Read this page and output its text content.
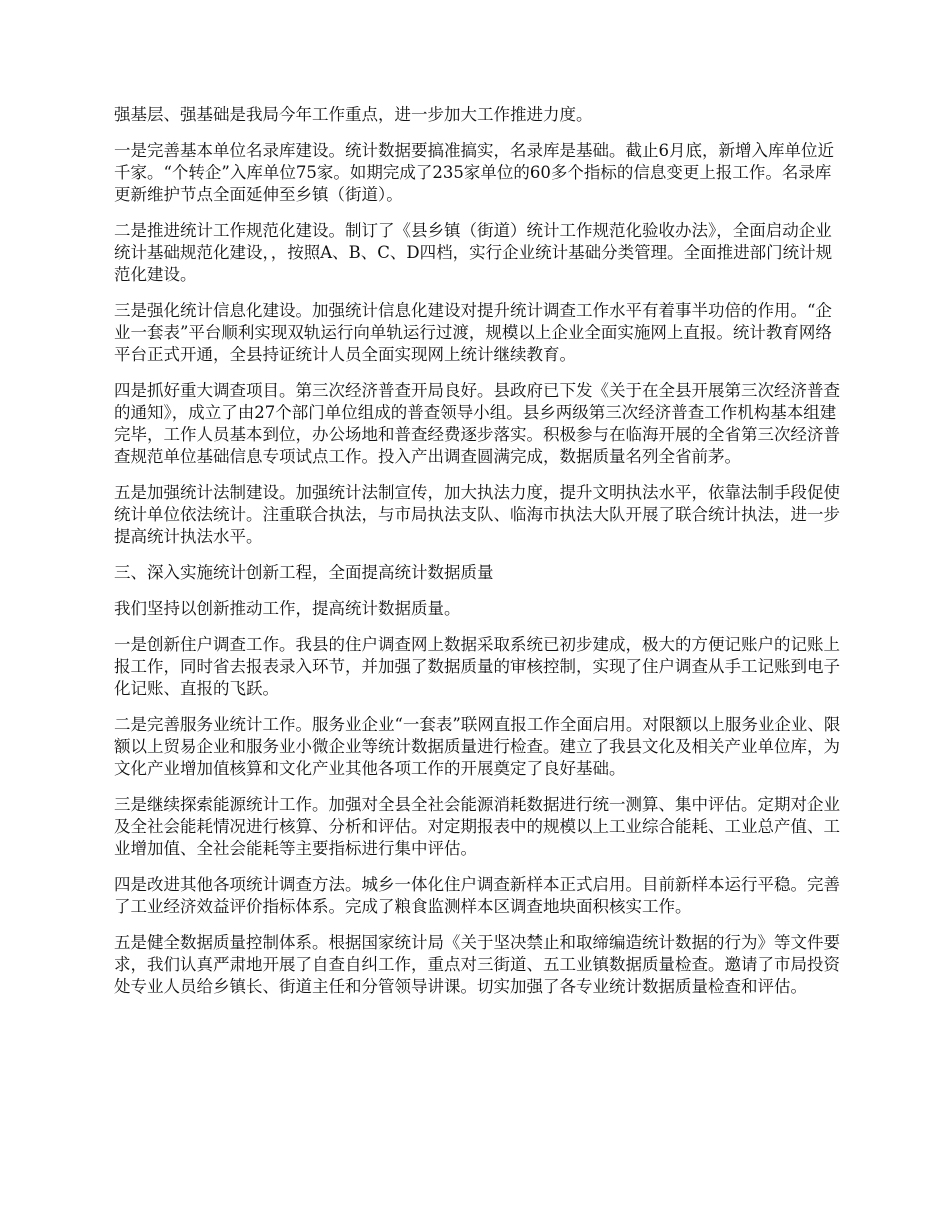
强基层、强基础是我局今年工作重点，进一步加大工作推进力度。

一是完善基本单位名录库建设。统计数据要搞准搞实，名录库是基础。截止6月底，新增入库单位近千家。“个转企”入库单位75家。如期完成了235家单位的60多个指标的信息变更上报工作。名录库更新维护节点全面延伸至乡镇（街道）。

二是推进统计工作规范化建设。制订了《县乡镇（街道）统计工作规范化验收办法》，全面启动企业统计基础规范化建设，，按照A、B、C、D四档，实行企业统计基础分类管理。全面推进部门统计规范化建设。

三是强化统计信息化建设。加强统计信息化建设对提升统计调查工作水平有着事半功倍的作用。“企业一套表”平台顺利实现双轨运行向单轨运行过渡，规模以上企业全面实施网上直报。统计教育网络平台正式开通，全县持证统计人员全面实现网上统计继续教育。

四是抓好重大调查项目。第三次经济普查开局良好。县政府已下发《关于在全县开展第三次经济普查的通知》，成立了由27个部门单位组成的普查领导小组。县乡两级第三次经济普查工作机构基本组建完毕，工作人员基本到位，办公场地和普查经费逐步落实。积极参与在临海开展的全省第三次经济普查规范单位基础信息专项试点工作。投入产出调查圆满完成，数据质量名列全省前茅。

五是加强统计法制建设。加强统计法制宣传，加大执法力度，提升文明执法水平，依靠法制手段促使统计单位依法统计。注重联合执法，与市局执法支队、临海市执法大队开展了联合统计执法，进一步提高统计执法水平。

三、深入实施统计创新工程，全面提高统计数据质量

我们坚持以创新推动工作，提高统计数据质量。

一是创新住户调查工作。我县的住户调查网上数据采取系统已初步建成，极大的方便记账户的记账上报工作，同时省去报表录入环节，并加强了数据质量的审核控制，实现了住户调查从手工记账到电子化记账、直报的飞跃。

二是完善服务业统计工作。服务业企业“一套表”联网直报工作全面启用。对限额以上服务业企业、限额以上贸易企业和服务业小微企业等统计数据质量进行检查。建立了我县文化及相关产业单位库，为文化产业增加值核算和文化产业其他各项工作的开展奠定了良好基础。

三是继续探索能源统计工作。加强对全县全社会能源消耗数据进行统一测算、集中评估。定期对企业及全社会能耗情况进行核算、分析和评估。对定期报表中的规模以上工业综合能耗、工业总产值、工业增加值、全社会能耗等主要指标进行集中评估。

四是改进其他各项统计调查方法。城乡一体化住户调查新样本正式启用。目前新样本运行平稳。完善了工业经济效益评价指标体系。完成了粮食监测样本区调查地块面积核实工作。

五是健全数据质量控制体系。根据国家统计局《关于坚决禁止和取缔编造统计数据的行为》等文件要求，我们认真严肃地开展了自查自纠工作，重点对三街道、五工业镇数据质量检查。邀请了市局投资处专业人员给乡镇长、街道主任和分管领导讲课。切实加强了各专业统计数据质量检查和评估。
